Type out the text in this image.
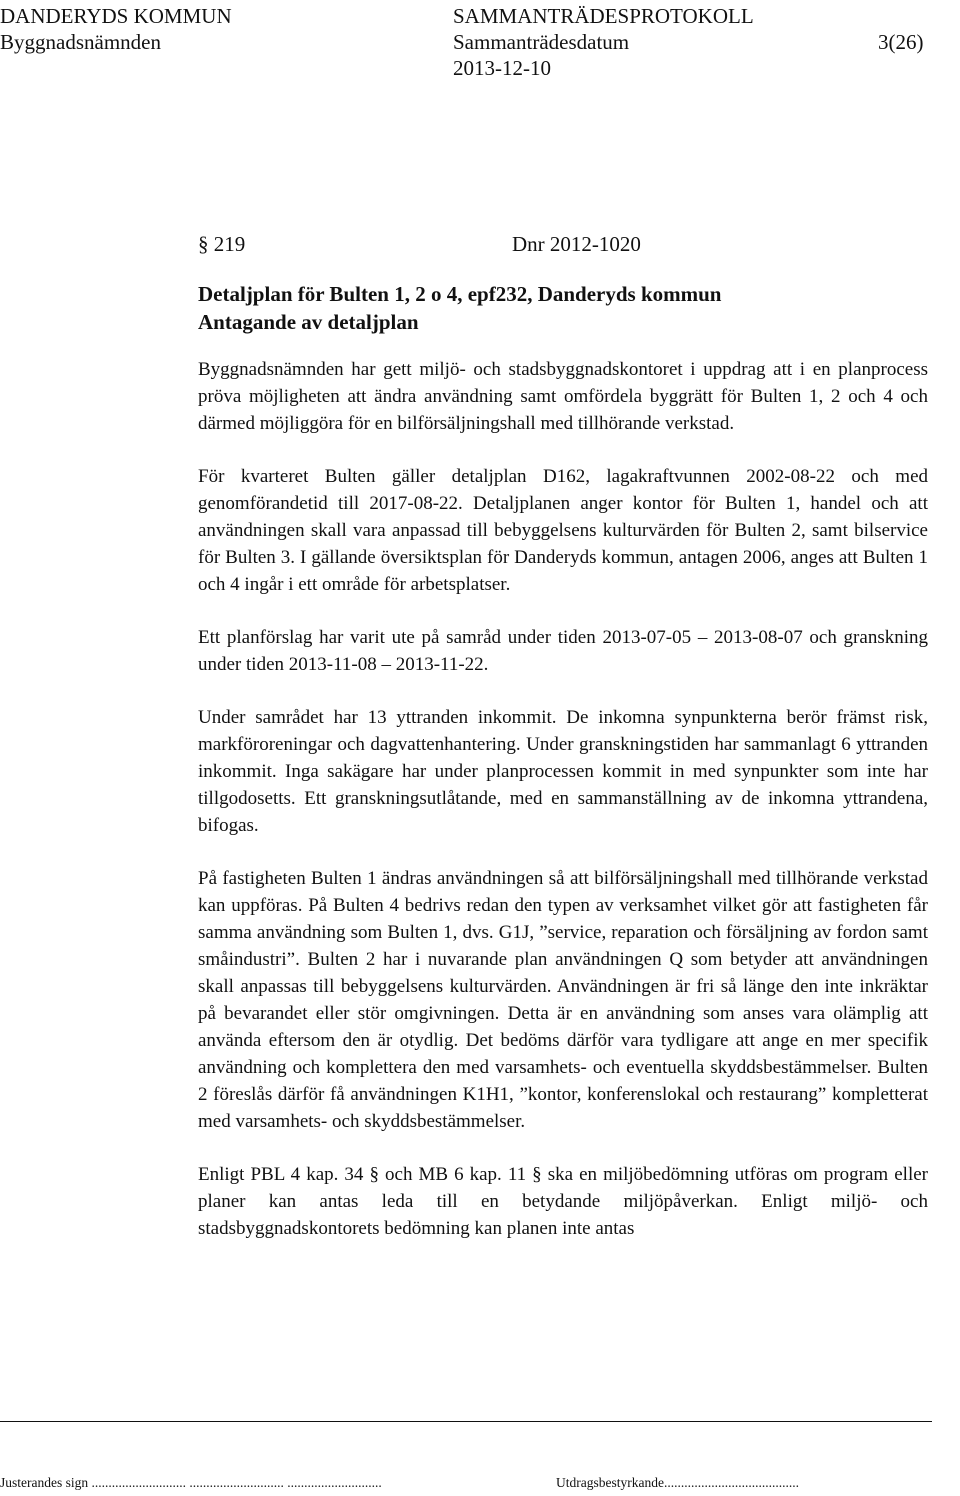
DANDERYDS KOMMUN	SAMMANTRÄDESPROTOKOLL
Byggnadsnämnden	Sammanträdesdatum	3(26)
2013-12-10
§ 219	Dnr 2012-1020
Detaljplan för Bulten 1, 2 o 4, epf232, Danderyds kommun
Antagande av detaljplan

Byggnadsnämnden har gett miljö- och stadsbyggnadskontoret i uppdrag att i en planprocess pröva möjligheten att ändra användning samt omfördela byggrätt för Bulten 1, 2 och 4 och därmed möjliggöra för en bilförsäljningshall med tillhörande verkstad.

För kvarteret Bulten gäller detaljplan D162, lagakraftvunnen 2002-08-22 och med genomförandetid till 2017-08-22. Detaljplanen anger kontor för Bulten 1, handel och att användningen skall vara anpassad till bebyggelsens kulturvärden för Bulten 2, samt bilservice för Bulten 3. I gällande översiktsplan för Danderyds kommun, antagen 2006, anges att Bulten 1 och 4 ingår i ett område för arbetsplatser.

Ett planförslag har varit ute på samråd under tiden 2013-07-05 – 2013-08-07 och granskning under tiden 2013-11-08 – 2013-11-22.

Under samrådet har 13 yttranden inkommit. De inkomna synpunkterna berör främst risk, markföroreningar och dagvattenhantering. Under granskningstiden har sammanlagt 6 yttranden inkommit. Inga sakägare har under planprocessen kommit in med synpunkter som inte har tillgodosetts. Ett granskningsutlåtande, med en sammanställning av de inkomna yttrandena, bifogas.

På fastigheten Bulten 1 ändras användningen så att bilförsäljningshall med tillhörande verkstad kan uppföras. På Bulten 4 bedrivs redan den typen av verksamhet vilket gör att fastigheten får samma användning som Bulten 1, dvs. G1J, ”service, reparation och försäljning av fordon samt småindustri”. Bulten 2 har i nuvarande plan användningen Q som betyder att användningen skall anpassas till bebyggelsens kulturvärden. Användningen är fri så länge den inte inkräktar på bevarandet eller stör omgivningen. Detta är en användning som anses vara olämplig att använda eftersom den är otydlig. Det bedöms därför vara tydligare att ange en mer specifik användning och komplettera den med varsamhets- och eventuella skyddsbestämmelser. Bulten 2 föreslås därför få användningen K1H1, ”kontor, konferenslokal och restaurang” kompletterat med varsamhets- och skyddsbestämmelser.

Enligt PBL 4 kap. 34 § och MB 6 kap. 11 § ska en miljöbedömning utföras om program eller planer kan antas leda till en betydande miljöpåverkan. Enligt miljö- och stadsbyggnadskontorets bedömning kan planen inte antas

Justerandes sign ............................ ............................ ............................	Utdragsbestyrkande........................................
